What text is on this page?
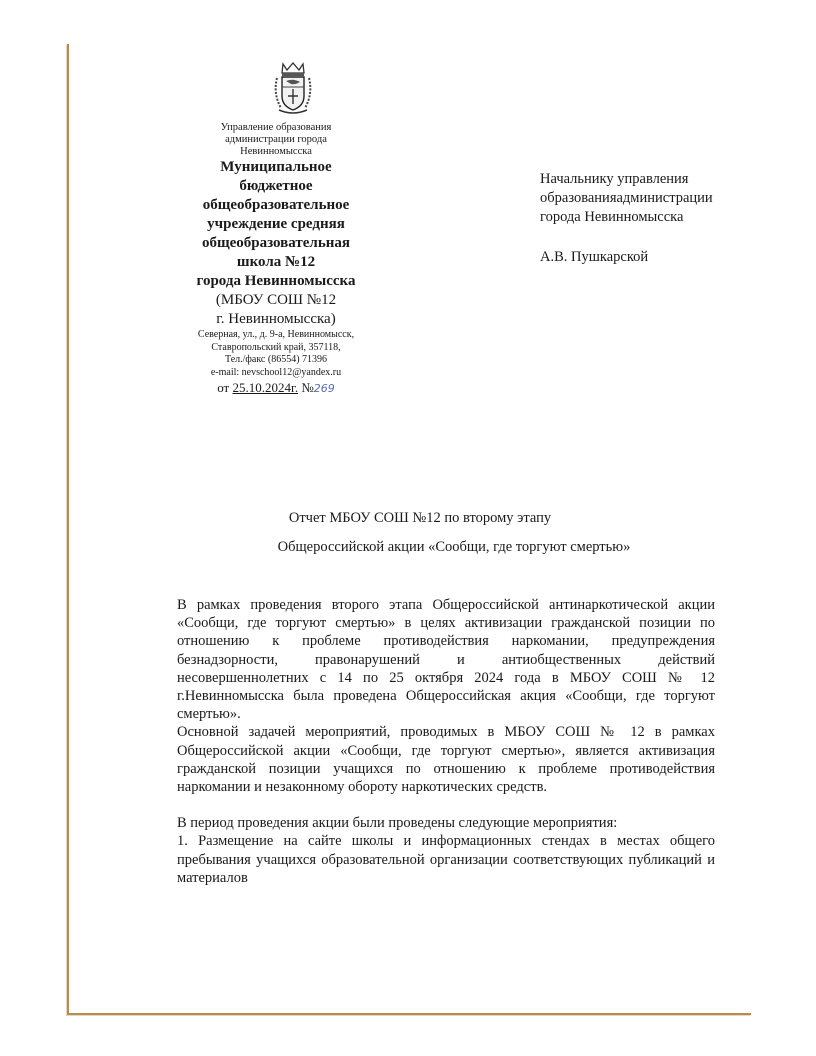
Управление образования
администрации города
Невинномысска
Муниципальное
бюджетное
общеобразовательное
учреждение средняя
общеобразовательная
школа №12
города Невинномысска
(МБОУ СОШ №12
г. Невинномысска)
Северная, ул., д. 9-а, Невинномысск,
Ставропольский край, 357118,
Тел./факс (86554) 71396
e-mail: nevschool12@yandex.ru
от 25.10.2024г. №269
Начальнику управления
образованияадминистрации
города Невинномысска
А.В. Пушкарской
Отчет МБОУ СОШ №12 по второму этапу
Общероссийской акции «Сообщи, где торгуют смертью»

В рамках проведения второго этапа Общероссийской антинаркотической акции «Сообщи, где торгуют смертью» в целях активизации гражданской позиции по отношению к проблеме противодействия наркомании, предупреждения безнадзорности, правонарушений и антиобщественных действий несовершеннолетних с 14 по 25 октября 2024 года в МБОУ СОШ № 12 г.Невинномысска была проведена Общероссийская акция «Сообщи, где торгуют смертью».

Основной задачей мероприятий, проводимых в МБОУ СОШ № 12 в рамках Общероссийской акции «Сообщи, где торгуют смертью», является активизация гражданской позиции учащихся по отношению к проблеме противодействия наркомании и незаконному обороту наркотических средств.

В период проведения акции были проведены следующие мероприятия:

1. Размещение на сайте школы и информационных стендах в местах общего пребывания учащихся образовательной организации соответствующих публикаций и материалов
